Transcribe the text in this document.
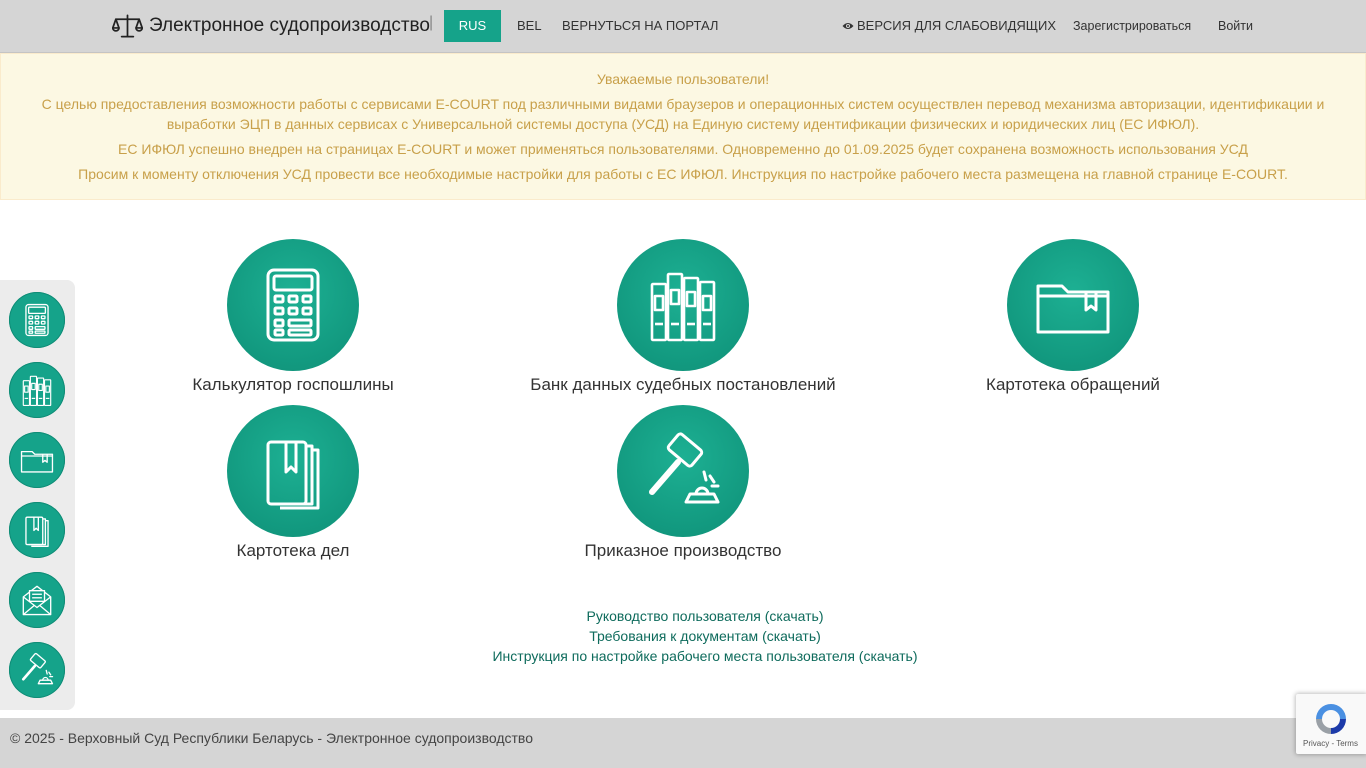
Электронное судопроизводство |	RUS	BEL ВЕРНУТЬСЯ НА ПОРТАЛ	ВЕРСИЯ ДЛЯ СЛАБОВИДЯЩИХ Зарегистрироваться Войти

Уважаемые пользователи!

С целью предоставления возможности работы с сервисами E-COURT под различными видами браузеров и операционных систем осуществлен перевод механизма авторизации, идентификации и выработки ЭЦП в данных сервисах с Универсальной системы доступа (УСД) на Единую систему идентификации физических и юридических лиц (ЕС ИФЮЛ).

ЕС ИФЮЛ успешно внедрен на страницах E-COURT и может применяться пользователями. Одновременно до 01.09.2025 будет сохранена возможность использования УСД

Просим к моменту отключения УСД провести все необходимые настройки для работы с ЕС ИФЮЛ. Инструкция по настройке рабочего места размещена на главной странице E-COURT.

Калькулятор госпошлины	Банк данных судебных постановлений	Картотека обращений
Картотека дел	Приказное производство
Руководство пользователя (скачать)
Требования к документам (скачать)
Инструкция по настройке рабочего места пользователя (скачать)
© 2025 - Верховный Суд Республики Беларусь - Электронное судопроизводство	Privacy - Terms
